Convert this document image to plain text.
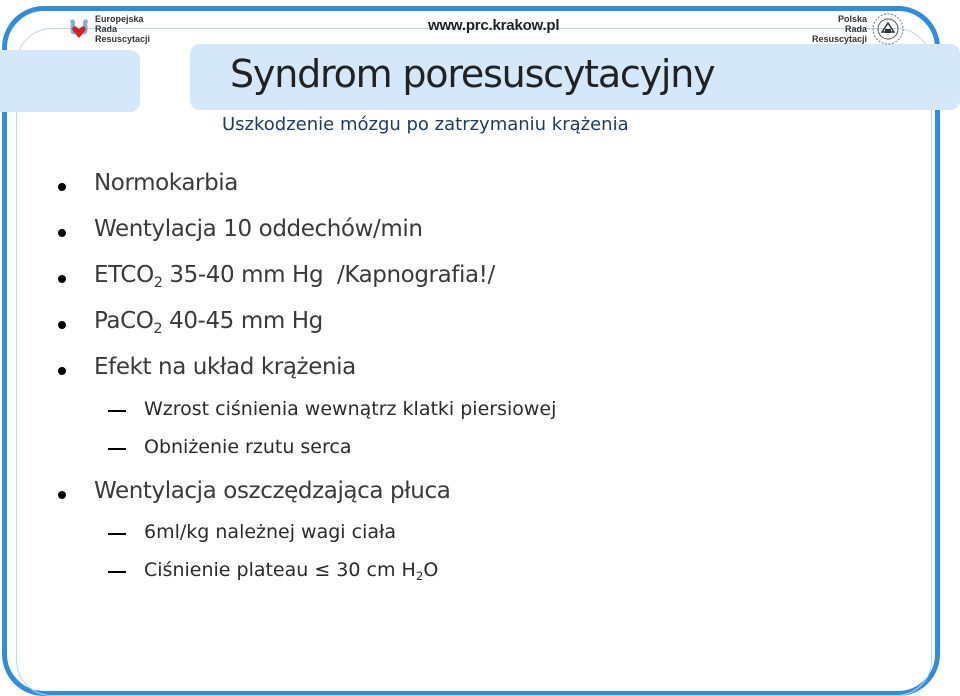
Europejska
Rada
Resuscytacji
www.prc.krakow.pl	Polska
Rada
Resuscytacji
Syndrom poresuscytacyjny
Uszkodzenie mózgu po zatrzymaniu krążenia
Normokarbia
Wentylacja 10 oddechów/min
$ETCO_2$ 35-40 mm Hg  /Kapnografia!/
PaCO$_2$ 40-45 mm Hg
Efekt na układ krążenia
Wzrost ciśnienia wewnątrz klatki piersiowej
Obniżenie rzutu serca
Wentylacja oszczędzająca płuca
6ml/kg należnej wagi ciała
Ciśnienie plateau ≤ 30 cm $H_2O$
